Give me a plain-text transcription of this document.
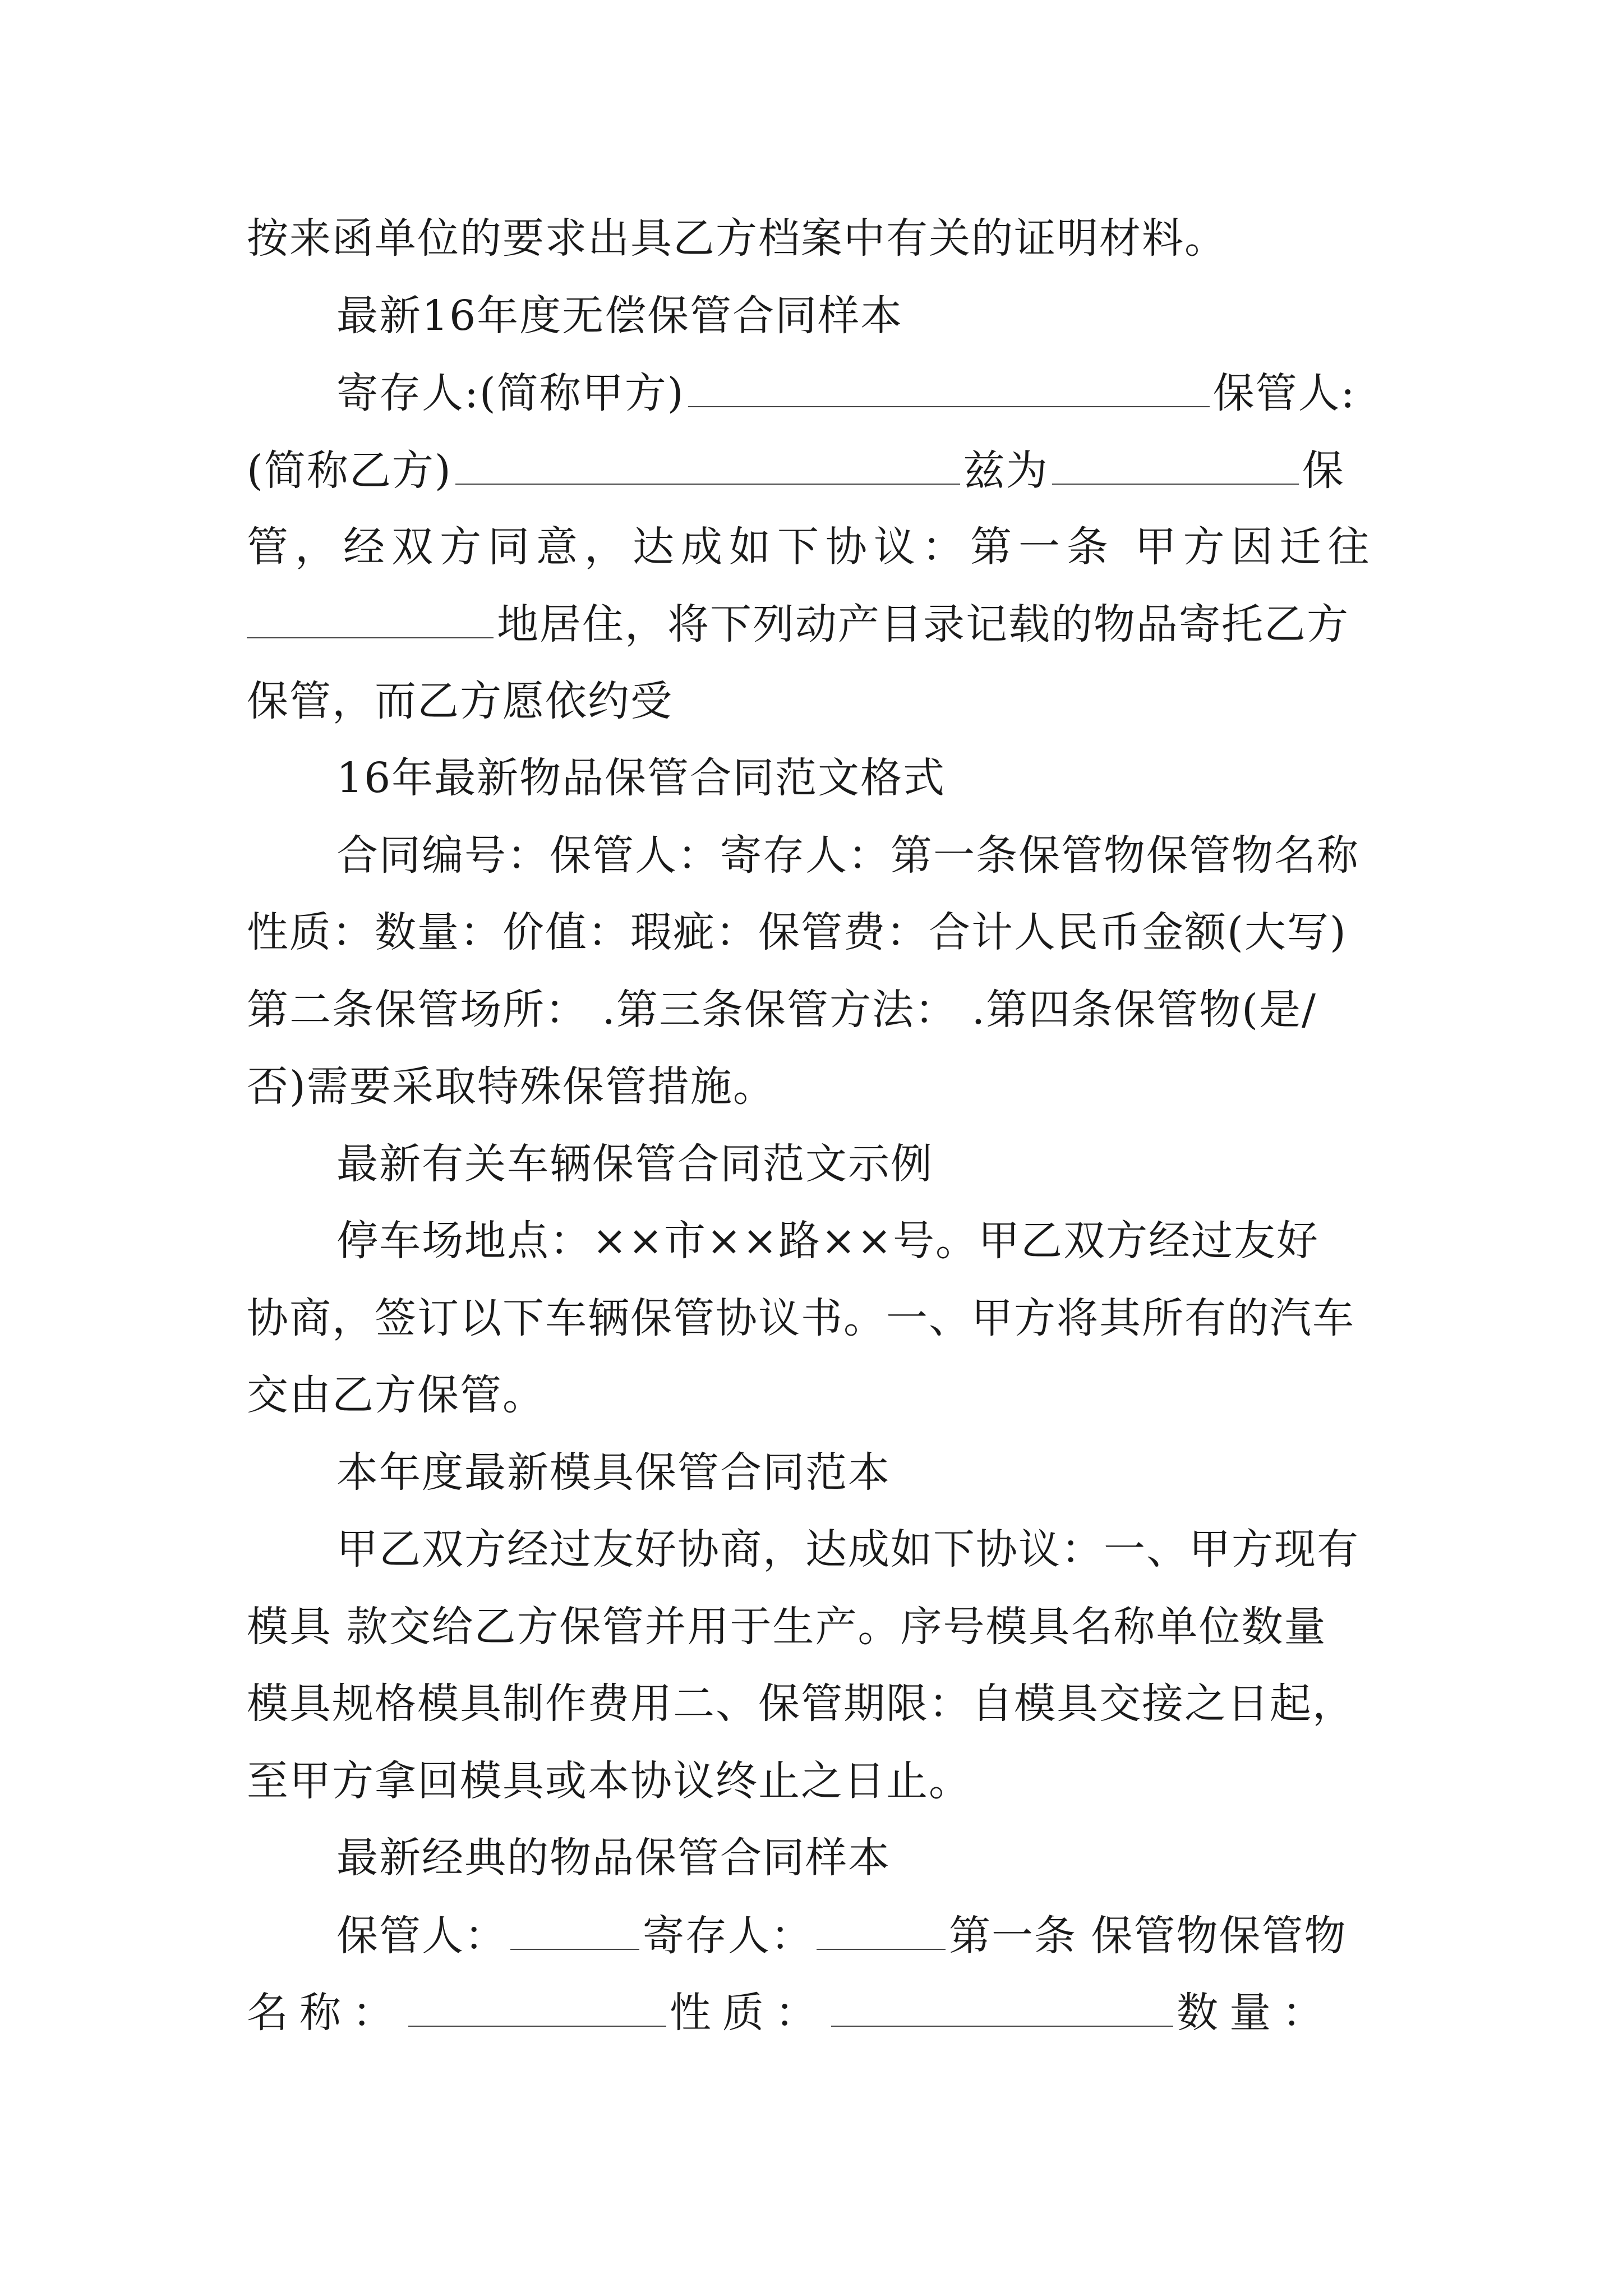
按来函单位的要求出具乙方档案中有关的证明材料。
最新16年度无偿保管合同样本
寄存人:(简称甲方)	保管人:
(简称乙方)	兹为	保
管，经双方同意，达成如下协议：第一条 甲方因迁往
地居住，将下列动产目录记载的物品寄托乙方
保管，而乙方愿依约受
16年最新物品保管合同范文格式
合同编号：保管人：寄存人：第一条保管物保管物名称
性质：数量：价值：瑕疵：保管费：合计人民币金额(大写)
第二条保管场所： .第三条保管方法： .第四条保管物(是/
否)需要采取特殊保管措施。
最新有关车辆保管合同范文示例
停车场地点：××市××路××号。甲乙双方经过友好
协商，签订以下车辆保管协议书。一、甲方将其所有的汽车
交由乙方保管。
本年度最新模具保管合同范本
甲乙双方经过友好协商，达成如下协议：一、甲方现有
模具 款交给乙方保管并用于生产。序号模具名称单位数量
模具规格模具制作费用二、保管期限：自模具交接之日起，
至甲方拿回模具或本协议终止之日止。
最新经典的物品保管合同样本
保管人：	寄存人：	第一条 保管物保管物
名称：	性质：	数量：
